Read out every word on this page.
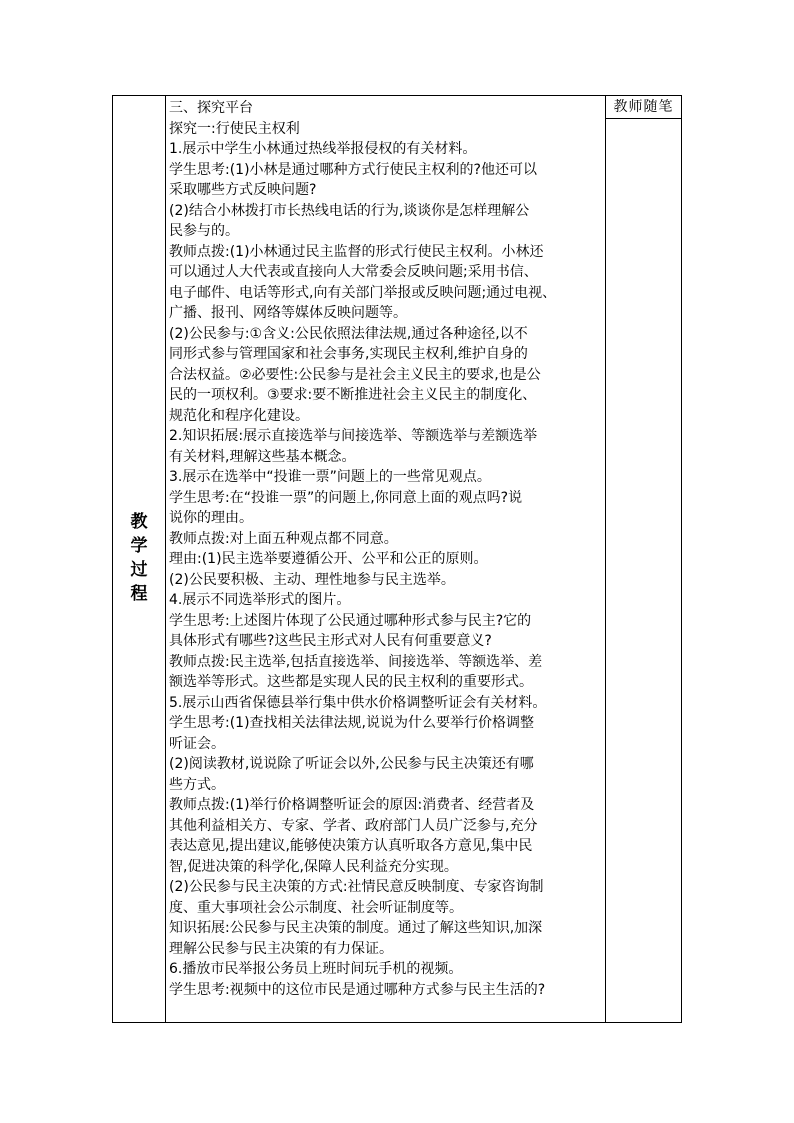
教
学
过
程

三、探究平台

探究一:行使民主权利

1.展示中学生小林通过热线举报侵权的有关材料。

学生思考:(1)小林是通过哪种方式行使民主权利的?他还可以

采取哪些方式反映问题?

(2)结合小林拨打市长热线电话的行为,谈谈你是怎样理解公

民参与的。

教师点拨:(1)小林通过民主监督的形式行使民主权利。小林还

可以通过人大代表或直接向人大常委会反映问题;采用书信、

电子邮件、电话等形式,向有关部门举报或反映问题;通过电视、

广播、报刊、网络等媒体反映问题等。

(2)公民参与:①含义:公民依照法律法规,通过各种途径,以不

同形式参与管理国家和社会事务,实现民主权利,维护自身的

合法权益。②必要性:公民参与是社会主义民主的要求,也是公

民的一项权利。③要求:要不断推进社会主义民主的制度化、

规范化和程序化建设。

2.知识拓展:展示直接选举与间接选举、等额选举与差额选举

有关材料,理解这些基本概念。

3.展示在选举中“投谁一票”问题上的一些常见观点。

学生思考:在“投谁一票”的问题上,你同意上面的观点吗?说

说你的理由。

教师点拨:对上面五种观点都不同意。

理由:(1)民主选举要遵循公开、公平和公正的原则。

(2)公民要积极、主动、理性地参与民主选举。

4.展示不同选举形式的图片。

学生思考:上述图片体现了公民通过哪种形式参与民主?它的

具体形式有哪些?这些民主形式对人民有何重要意义?

教师点拨:民主选举,包括直接选举、间接选举、等额选举、差

额选举等形式。这些都是实现人民的民主权利的重要形式。

5.展示山西省保德县举行集中供水价格调整听证会有关材料。

学生思考:(1)查找相关法律法规,说说为什么要举行价格调整

听证会。

(2)阅读教材,说说除了听证会以外,公民参与民主决策还有哪

些方式。

教师点拨:(1)举行价格调整听证会的原因:消费者、经营者及

其他利益相关方、专家、学者、政府部门人员广泛参与,充分

表达意见,提出建议,能够使决策方认真听取各方意见,集中民

智,促进决策的科学化,保障人民利益充分实现。

(2)公民参与民主决策的方式:社情民意反映制度、专家咨询制

度、重大事项社会公示制度、社会听证制度等。

知识拓展:公民参与民主决策的制度。通过了解这些知识,加深

理解公民参与民主决策的有力保证。

6.播放市民举报公务员上班时间玩手机的视频。

学生思考:视频中的这位市民是通过哪种方式参与民主生活的?

教师随笔
